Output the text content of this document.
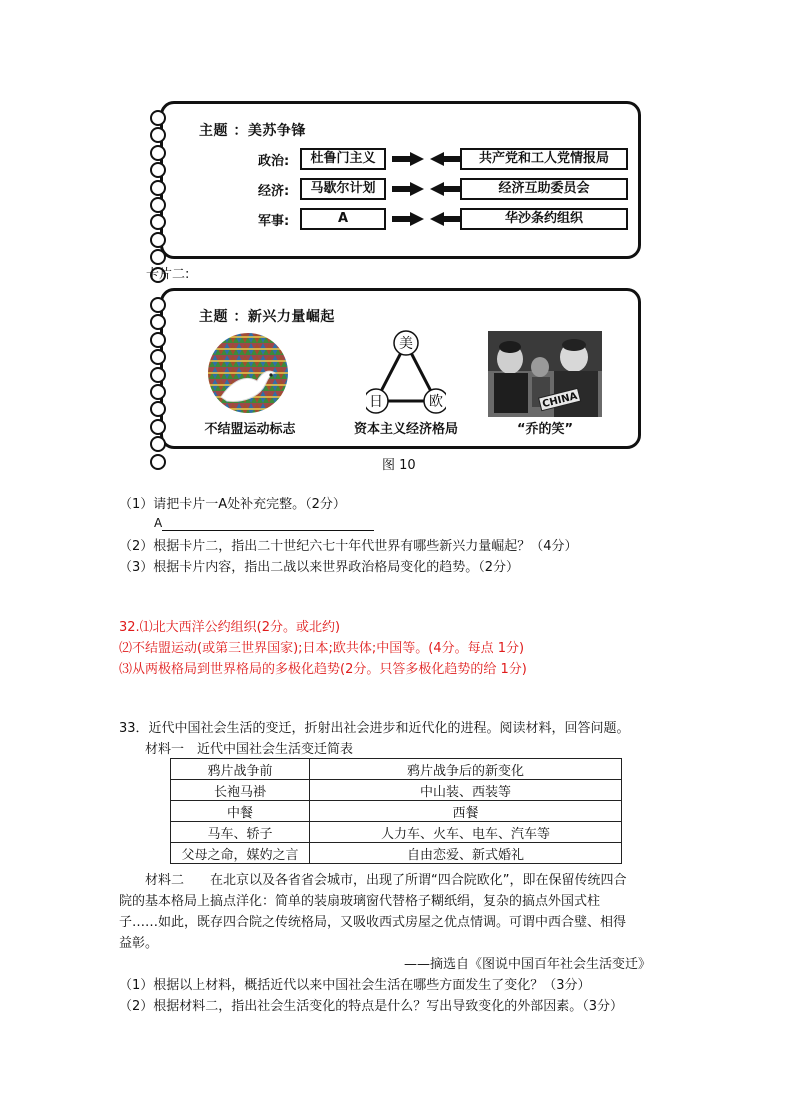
主题 ：美苏争锋
政治:	杜鲁门主义	共产党和工人党情报局
经济:	马歇尔计划	经济互助委员会
军事:	A	华沙条约组织
卡片二:
主题 ：新兴力量崛起
美
日	欧	CHINA
不结盟运动标志	资本主义经济格局	“乔的笑”
图 10
（1）请把卡片一A处补充完整。（2分）
A
（2）根据卡片二，指出二十世纪六七十年代世界有哪些新兴力量崛起？（4分）
（3）根据卡片内容，指出二战以来世界政治格局变化的趋势。（2分）
32.⑴北大西洋公约组织(2分。或北约)
⑵不结盟运动(或第三世界国家);日本;欧共体;中国等。(4分。每点 1分)
⑶从两极格局到世界格局的多极化趋势(2分。只答多极化趋势的给 1分)
33．近代中国社会生活的变迁，折射出社会进步和近代化的进程。阅读材料，回答问题。
材料一　近代中国社会生活变迁简表
鸦片战争前	鸦片战争后的新变化
长袍马褂	中山装、西装等
中餐	西餐
马车、轿子	人力车、火车、电车、汽车等
父母之命，媒妁之言	自由恋爱、新式婚礼
材料二　　在北京以及各省省会城市，出现了所谓“四合院欧化”，即在保留传统四合
院的基本格局上搞点洋化：简单的装扇玻璃窗代替格子糊纸绢，复杂的搞点外国式柱
子……如此，既存四合院之传统格局，又吸收西式房屋之优点情调。可谓中西合璧、相得
益彰。
——摘选自《图说中国百年社会生活变迁》
（1）根据以上材料，概括近代以来中国社会生活在哪些方面发生了变化？（3分）
（2）根据材料二，指出社会生活变化的特点是什么？写出导致变化的外部因素。（3分）
